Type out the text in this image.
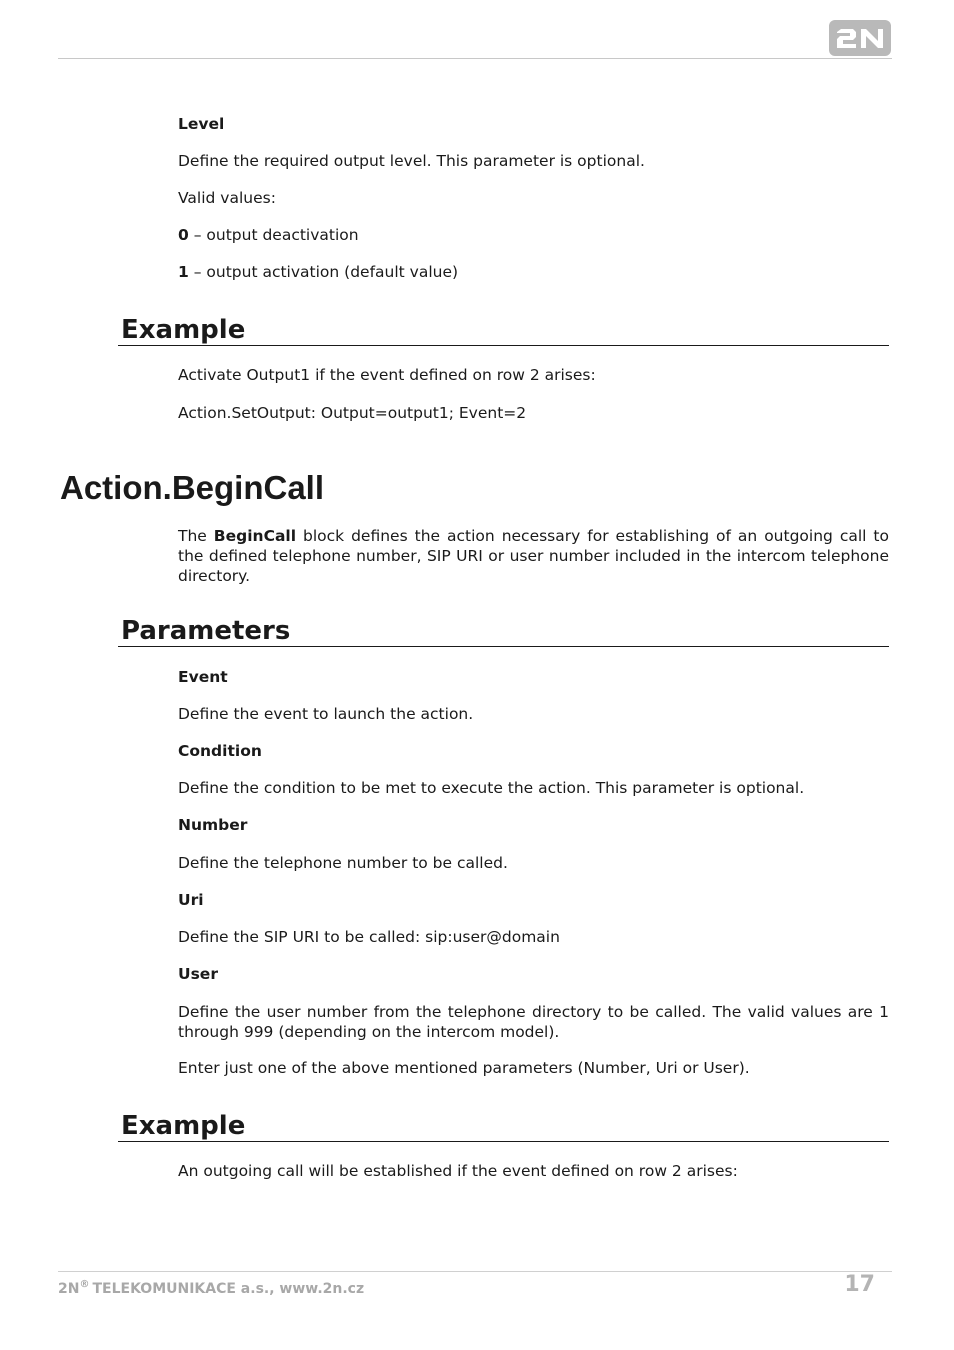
Level
Define the required output level. This parameter is optional.
Valid values:
0 – output deactivation
1 – output activation (default value)
Example
Activate Output1 if the event defined on row 2 arises:
Action.SetOutput: Output=output1; Event=2
Action.BeginCall
The BeginCall block defines the action necessary for establishing of an outgoing call to the defined telephone number, SIP URI or user number included in the intercom telephone directory.
Parameters
Event
Define the event to launch the action.
Condition
Define the condition to be met to execute the action. This parameter is optional.
Number
Define the telephone number to be called.
Uri
Define the SIP URI to be called: sip:user@domain
User
Define the user number from the telephone directory to be called. The valid values are 1 through 999 (depending on the intercom model).
Enter just one of the above mentioned parameters (Number, Uri or User).
Example
An outgoing call will be established if the event defined on row 2 arises:
2N® TELEKOMUNIKACE a.s., www.2n.cz	17
